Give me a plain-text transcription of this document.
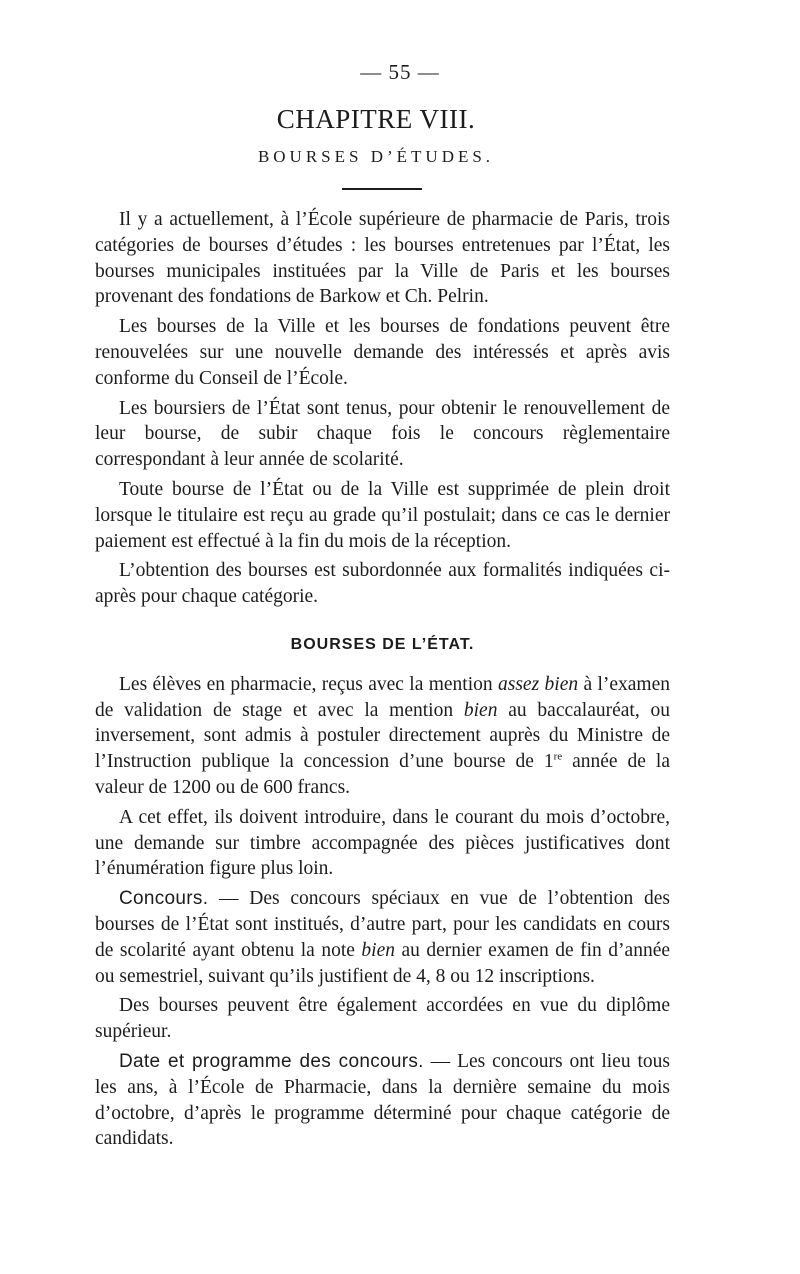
— 55 —
CHAPITRE VIII.
BOURSES D’ÉTUDES.

Il y a actuellement, à l’École supérieure de pharmacie de Paris, trois catégories de bourses d’études : les bourses entretenues par l’État, les bourses municipales instituées par la Ville de Paris et les bourses provenant des fondations de Barkow et Ch. Pelrin.

Les bourses de la Ville et les bourses de fondations peuvent être renouvelées sur une nouvelle demande des intéressés et après avis conforme du Conseil de l’École.

Les boursiers de l’État sont tenus, pour obtenir le renouvellement de leur bourse, de subir chaque fois le concours règlementaire correspondant à leur année de scolarité.

Toute bourse de l’État ou de la Ville est supprimée de plein droit lorsque le titulaire est reçu au grade qu’il postulait; dans ce cas le dernier paiement est effectué à la fin du mois de la réception.

L’obtention des bourses est subordonnée aux formalités indiquées ci-après pour chaque catégorie.

BOURSES DE L’ÉTAT.

Les élèves en pharmacie, reçus avec la mention assez bien à l’examen de validation de stage et avec la mention bien au baccalauréat, ou inversement, sont admis à postuler directement auprès du Ministre de l’Instruction publique la concession d’une bourse de 1re année de la valeur de 1200 ou de 600 francs.

A cet effet, ils doivent introduire, dans le courant du mois d’octobre, une demande sur timbre accompagnée des pièces justificatives dont l’énumération figure plus loin.

Concours. — Des concours spéciaux en vue de l’obtention des bourses de l’État sont institués, d’autre part, pour les candidats en cours de scolarité ayant obtenu la note bien au dernier examen de fin d’année ou semestriel, suivant qu’ils justifient de 4, 8 ou 12 inscriptions.

Des bourses peuvent être également accordées en vue du diplôme supérieur.

Date et programme des concours. — Les concours ont lieu tous les ans, à l’École de Pharmacie, dans la dernière semaine du mois d’octobre, d’après le programme déterminé pour chaque catégorie de candidats.
